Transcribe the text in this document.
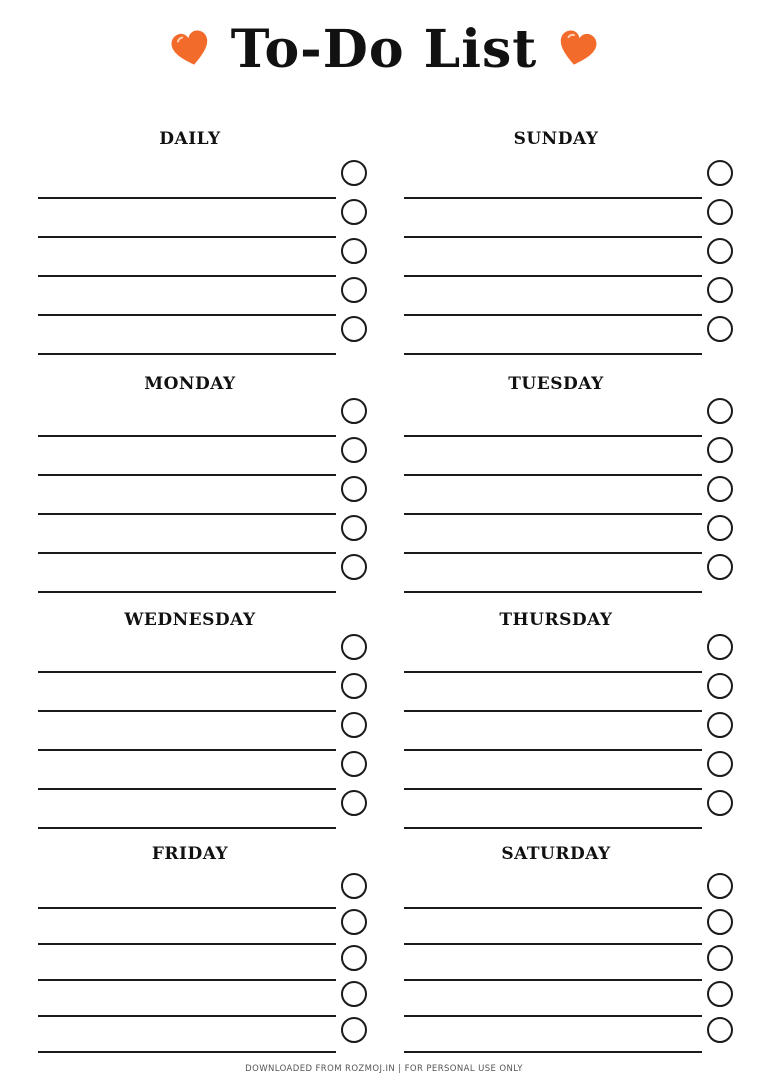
To-Do List
DAILY	SUNDAY
MONDAY	TUESDAY
WEDNESDAY	THURSDAY
FRIDAY	SATURDAY
DOWNLOADED FROM ROZMOJ.IN | FOR PERSONAL USE ONLY
